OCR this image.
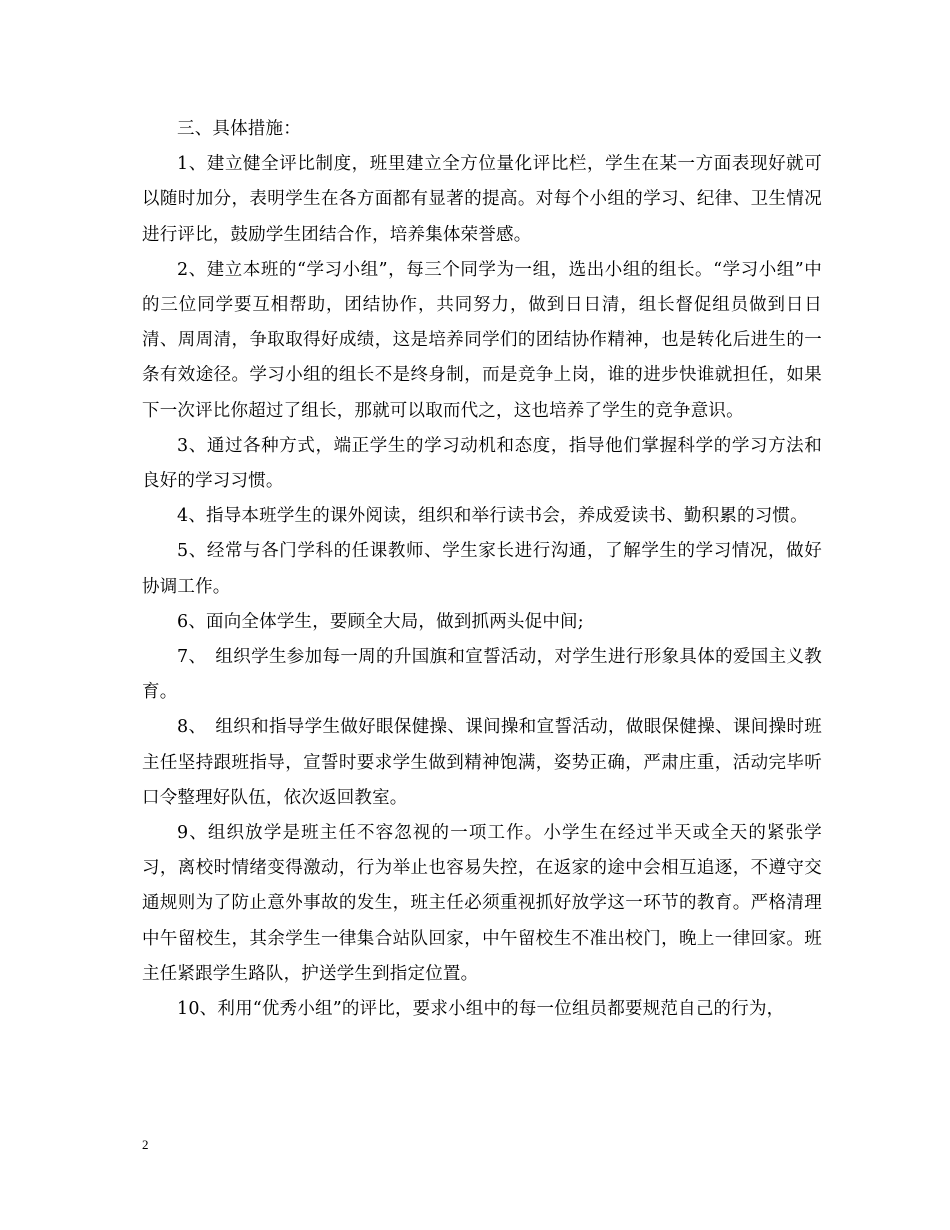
三、具体措施：

1、建立健全评比制度，班里建立全方位量化评比栏，学生在某一方面表现好就可以随时加分，表明学生在各方面都有显著的提高。对每个小组的学习、纪律、卫生情况进行评比，鼓励学生团结合作，培养集体荣誉感。

2、建立本班的“学习小组”，每三个同学为一组，选出小组的组长。“学习小组”中的三位同学要互相帮助，团结协作，共同努力，做到日日清，组长督促组员做到日日清、周周清，争取取得好成绩，这是培养同学们的团结协作精神，也是转化后进生的一条有效途径。学习小组的组长不是终身制，而是竞争上岗，谁的进步快谁就担任，如果下一次评比你超过了组长，那就可以取而代之，这也培养了学生的竞争意识。

3、通过各种方式，端正学生的学习动机和态度，指导他们掌握科学的学习方法和良好的学习习惯。

4、指导本班学生的课外阅读，组织和举行读书会，养成爱读书、勤积累的习惯。

5、经常与各门学科的任课教师、学生家长进行沟通，了解学生的学习情况，做好协调工作。

6、面向全体学生，要顾全大局，做到抓两头促中间;

7、　组织学生参加每一周的升国旗和宣誓活动，对学生进行形象具体的爱国主义教育。

8、　组织和指导学生做好眼保健操、课间操和宣誓活动，做眼保健操、课间操时班主任坚持跟班指导，宣誓时要求学生做到精神饱满，姿势正确，严肃庄重，活动完毕听口令整理好队伍，依次返回教室。

9、组织放学是班主任不容忽视的一项工作。小学生在经过半天或全天的紧张学习，离校时情绪变得激动，行为举止也容易失控，在返家的途中会相互追逐，不遵守交通规则为了防止意外事故的发生，班主任必须重视抓好放学这一环节的教育。严格清理中午留校生，其余学生一律集合站队回家，中午留校生不准出校门，晚上一律回家。班主任紧跟学生路队，护送学生到指定位置。

10、利用“优秀小组”的评比，要求小组中的每一位组员都要规范自己的行为，

2
